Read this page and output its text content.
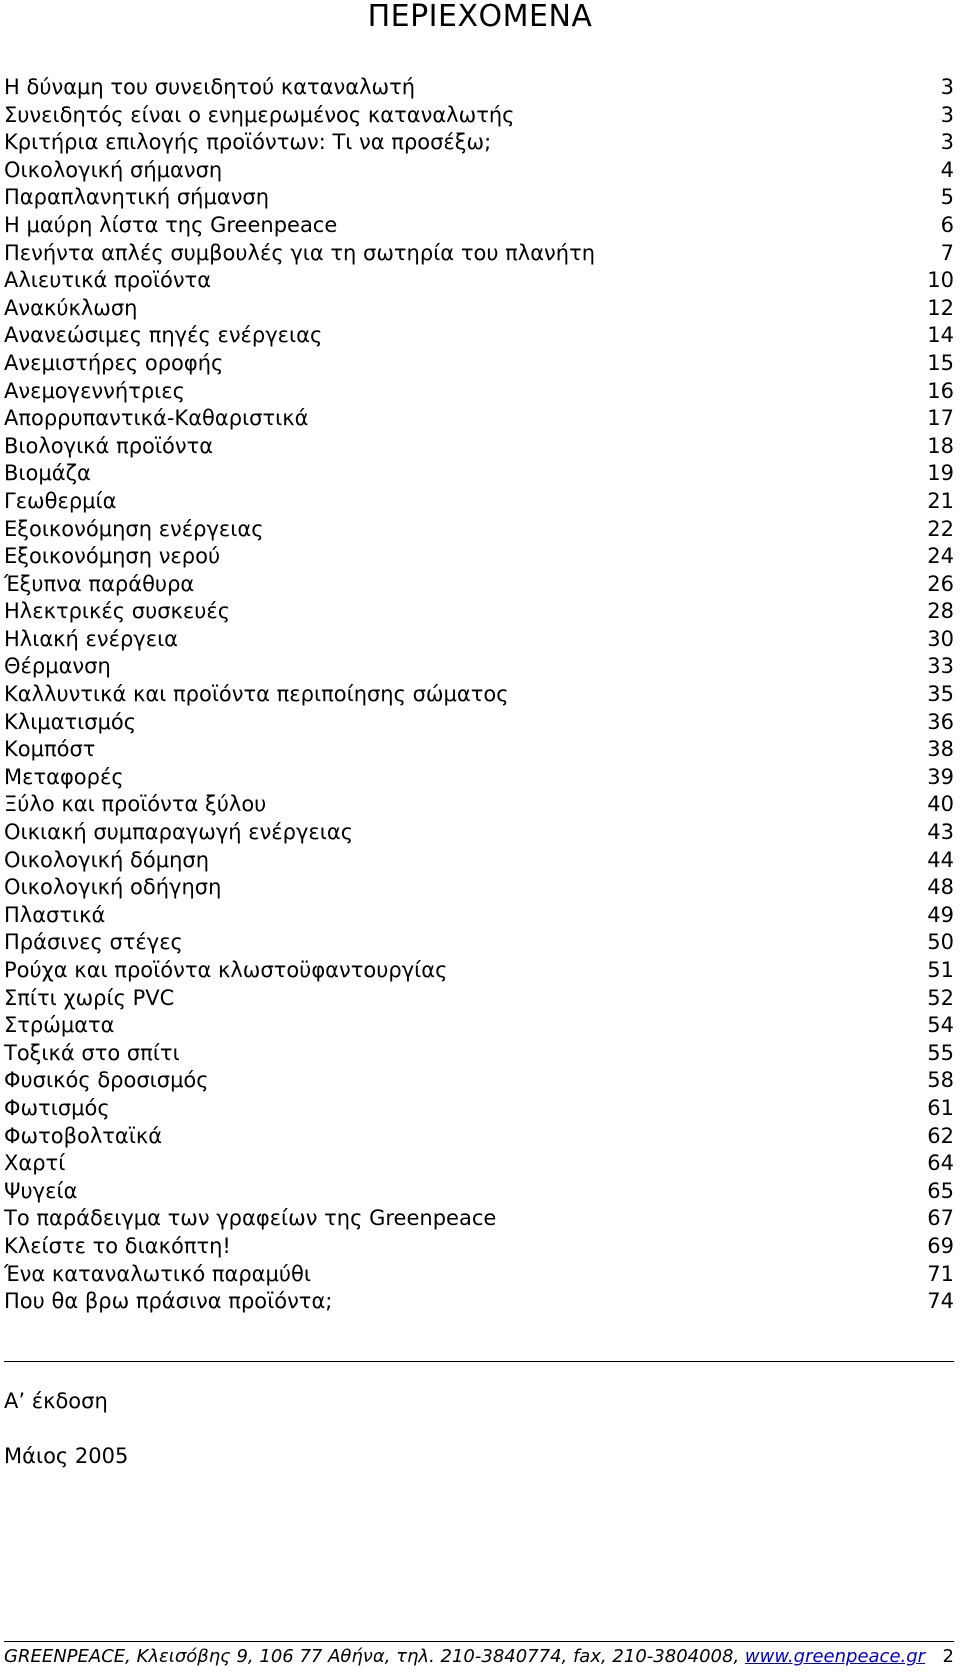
ΠΕΡΙΕΧΟΜΕΝΑ
Η δύναμη του συνειδητού καταναλωτή	3
Συνειδητός είναι ο ενημερωμένος καταναλωτής	3
Κριτήρια επιλογής προϊόντων: Τι να προσέξω;	3
Οικολογική σήμανση	4
Παραπλανητική σήμανση	5
Η μαύρη λίστα της Greenpeace	6
Πενήντα απλές συμβουλές για τη σωτηρία του πλανήτη	7
Αλιευτικά προϊόντα	10
Ανακύκλωση	12
Ανανεώσιμες πηγές ενέργειας	14
Ανεμιστήρες οροφής	15
Ανεμογεννήτριες	16
Απορρυπαντικά-Καθαριστικά	17
Βιολογικά προϊόντα	18
Βιομάζα	19
Γεωθερμία	21
Εξοικονόμηση ενέργειας	22
Εξοικονόμηση νερού	24
Έξυπνα παράθυρα	26
Ηλεκτρικές συσκευές	28
Ηλιακή ενέργεια	30
Θέρμανση	33
Καλλυντικά και προϊόντα περιποίησης σώματος	35
Κλιματισμός	36
Κομπόστ	38
Μεταφορές	39
Ξύλο και προϊόντα ξύλου	40
Οικιακή συμπαραγωγή ενέργειας	43
Οικολογική δόμηση	44
Οικολογική οδήγηση	48
Πλαστικά	49
Πράσινες στέγες	50
Ρούχα και προϊόντα κλωστοϋφαντουργίας	51
Σπίτι χωρίς PVC	52
Στρώματα	54
Τοξικά στο σπίτι	55
Φυσικός δροσισμός	58
Φωτισμός	61
Φωτοβολταϊκά	62
Χαρτί	64
Ψυγεία	65
Το παράδειγμα των γραφείων της Greenpeace	67
Κλείστε το διακόπτη!	69
Ένα καταναλωτικό παραμύθι	71
Που θα βρω πράσινα προϊόντα;	74
Α’ έκδοση
Μάιος 2005
GREENPEACE, Κλεισόβης 9, 106 77 Αθήνα, τηλ. 210-3840774, fax, 210-3804008, www.greenpeace.gr 2
